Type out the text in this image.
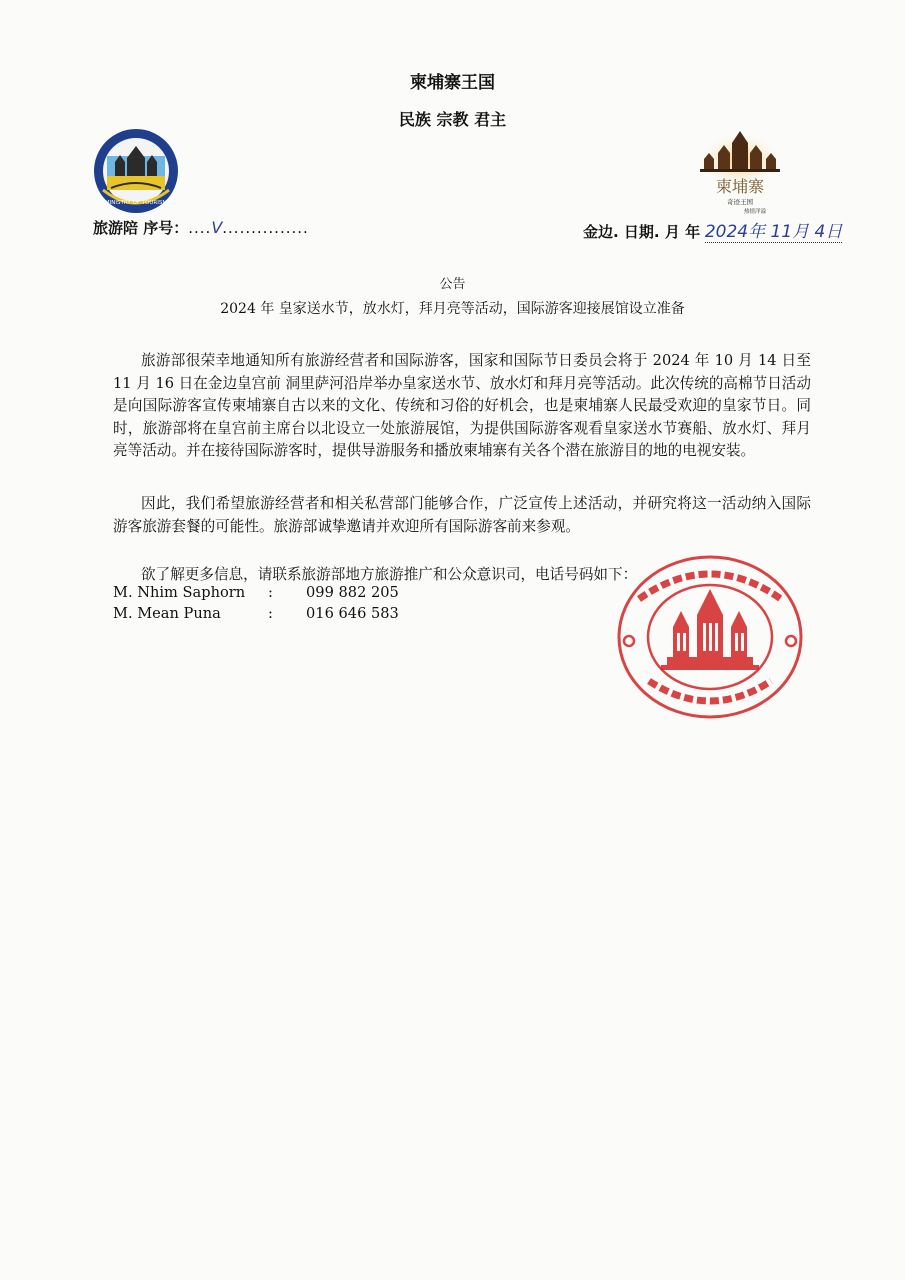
柬埔寨王国
民族 宗教 君主
MINISTRY OF TOURISM
柬埔寨
奇迹王国
热情洋溢
旅游陪 序号：....V...............	金边. 日期. 月 年 2024年 11月 4日
公告
2024 年 皇家送水节，放水灯，拜月亮等活动，国际游客迎接展馆设立准备

旅游部很荣幸地通知所有旅游经营者和国际游客，国家和国际节日委员会将于 2024 年 10 月 14 日至 11 月 16 日在金边皇宫前 洞里萨河沿岸举办皇家送水节、放水灯和拜月亮等活动。此次传统的高棉节日活动是向国际游客宣传柬埔寨自古以来的文化、传统和习俗的好机会，也是柬埔寨人民最受欢迎的皇家节日。同时，旅游部将在皇宫前主席台以北设立一处旅游展馆，为提供国际游客观看皇家送水节赛船、放水灯、拜月亮等活动。并在接待国际游客时，提供导游服务和播放柬埔寨有关各个潜在旅游目的地的电视安装。

因此，我们希望旅游经营者和相关私营部门能够合作，广泛宣传上述活动，并研究将这一活动纳入国际游客旅游套餐的可能性。旅游部诚挚邀请并欢迎所有国际游客前来参观。

欲了解更多信息，请联系旅游部地方旅游推广和公众意识司，电话号码如下：
M. Nhim Saphorn : 099 882 205
M. Mean Puna	: 016 646 583
